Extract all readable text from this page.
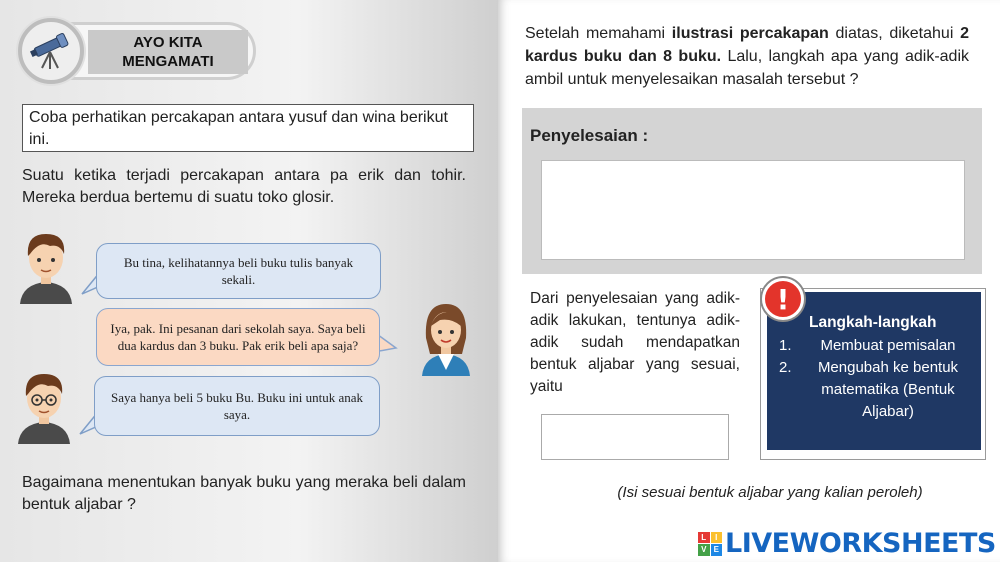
AYO KITA
MENGAMATI
Coba perhatikan percakapan antara yusuf dan wina berikut ini.
Suatu ketika terjadi percakapan antara pa erik dan tohir. Mereka berdua bertemu di suatu toko glosir.
Bu tina, kelihatannya beli buku tulis banyak sekali.
Iya, pak. Ini pesanan dari sekolah saya. Saya beli dua kardus dan 3 buku. Pak erik beli apa saja?
Saya hanya beli 5 buku Bu. Buku ini untuk anak saya.
Bagaimana menentukan banyak buku yang meraka beli dalam bentuk aljabar ?
Setelah memahami ilustrasi percakapan diatas, diketahui 2 kardus buku dan 8 buku. Lalu, langkah apa yang adik-adik ambil untuk menyelesaikan masalah tersebut ?
Penyelesaian :
Dari penyelesaian yang adik-adik lakukan, tentunya adik-adik sudah mendapatkan bentuk aljabar yang sesuai, yaitu
Langkah-langkah
1.	Membuat pemisalan
2.	Mengubah ke bentuk matematika (Bentuk Aljabar)
!
(Isi sesuai bentuk aljabar yang kalian peroleh)
L	I
V E LIVEWORKSHEETS
